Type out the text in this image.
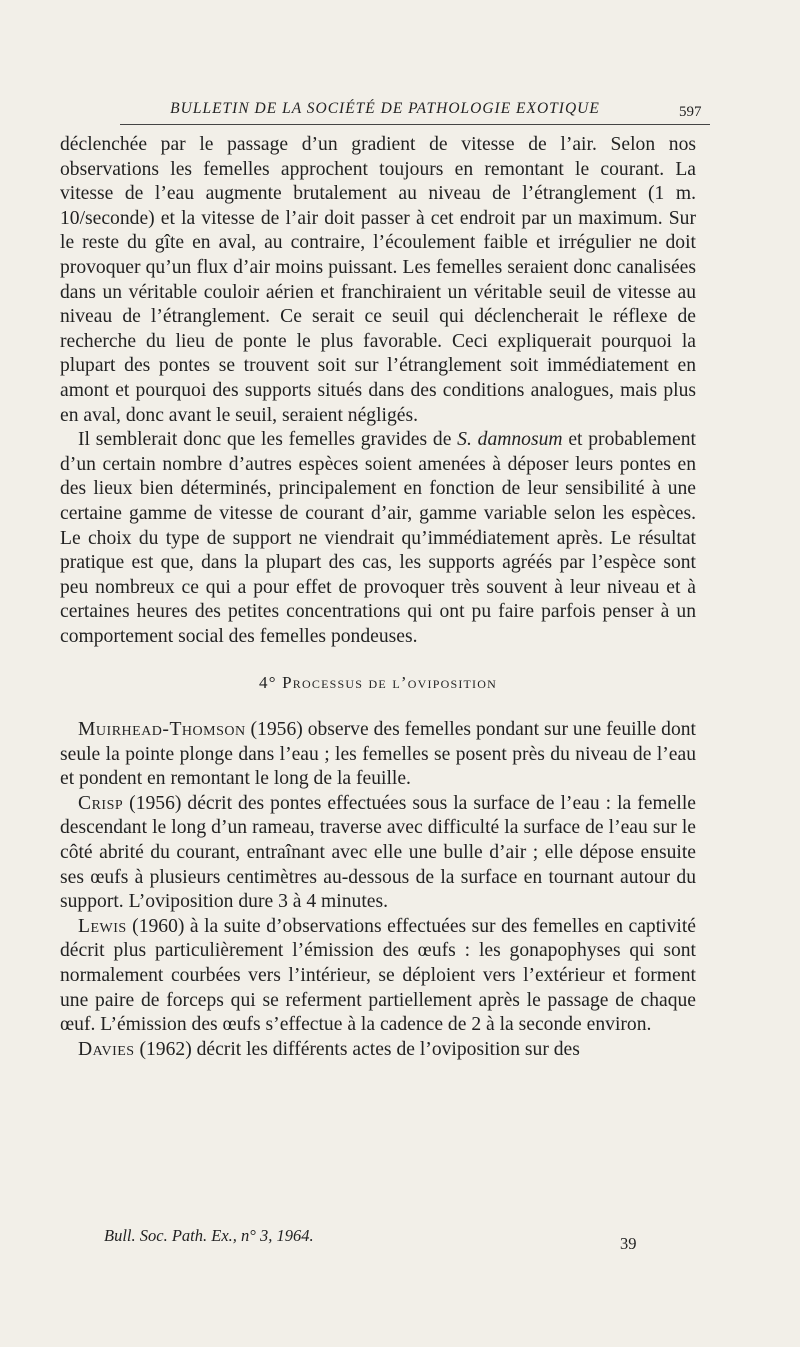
BULLETIN DE LA SOCIÉTÉ DE PATHOLOGIE EXOTIQUE	597

déclenchée par le passage d’un gradient de vitesse de l’air. Selon nos observations les femelles approchent toujours en remontant le courant. La vitesse de l’eau augmente brutalement au niveau de l’étranglement (1 m. 10/seconde) et la vitesse de l’air doit passer à cet endroit par un maximum. Sur le reste du gîte en aval, au contraire, l’écoulement faible et irrégulier ne doit provoquer qu’un flux d’air moins puissant. Les femelles seraient donc canalisées dans un véritable couloir aérien et franchiraient un véritable seuil de vitesse au niveau de l’étranglement. Ce serait ce seuil qui déclencherait le réflexe de recherche du lieu de ponte le plus favorable. Ceci expliquerait pourquoi la plupart des pontes se trouvent soit sur l’étranglement soit immédiatement en amont et pourquoi des supports situés dans des conditions analogues, mais plus en aval, donc avant le seuil, seraient négligés.

Il semblerait donc que les femelles gravides de S. damnosum et probablement d’un certain nombre d’autres espèces soient amenées à déposer leurs pontes en des lieux bien déterminés, principalement en fonction de leur sensibilité à une certaine gamme de vitesse de courant d’air, gamme variable selon les espèces. Le choix du type de support ne viendrait qu’immédiatement après. Le résultat pratique est que, dans la plupart des cas, les supports agréés par l’espèce sont peu nombreux ce qui a pour effet de provoquer très souvent à leur niveau et à certaines heures des petites concentrations qui ont pu faire parfois penser à un comportement social des femelles pondeuses.

4° Processus de l’oviposition

Muirhead-Thomson (1956) observe des femelles pondant sur une feuille dont seule la pointe plonge dans l’eau ; les femelles se posent près du niveau de l’eau et pondent en remontant le long de la feuille.

Crisp (1956) décrit des pontes effectuées sous la surface de l’eau : la femelle descendant le long d’un rameau, traverse avec difficulté la surface de l’eau sur le côté abrité du courant, entraînant avec elle une bulle d’air ; elle dépose ensuite ses œufs à plusieurs centimètres au-dessous de la surface en tournant autour du support. L’oviposition dure 3 à 4 minutes.

Lewis (1960) à la suite d’observations effectuées sur des femelles en captivité décrit plus particulièrement l’émission des œufs : les gonapophyses qui sont normalement courbées vers l’intérieur, se déploient vers l’extérieur et forment une paire de forceps qui se referment partiellement après le passage de chaque œuf. L’émission des œufs s’effectue à la cadence de 2 à la seconde environ.

Davies (1962) décrit les différents actes de l’oviposition sur des

Bull. Soc. Path. Ex., n° 3, 1964.	39
